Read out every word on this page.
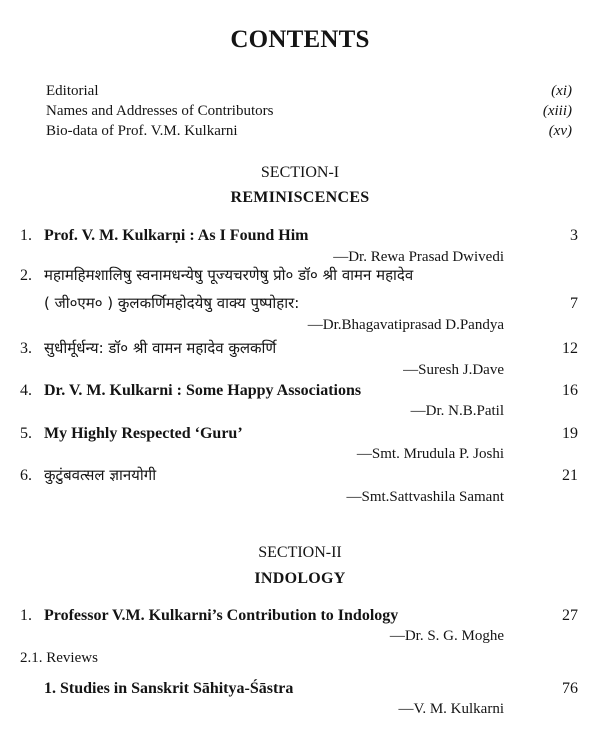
CONTENTS
Editorial	(xi)
Names and Addresses of Contributors	(xiii)
Bio-data of Prof. V.M. Kulkarni	(xv)
SECTION-I
REMINISCENCES
1. Prof. V. M. Kulkarṇi : As I Found Him	3
—Dr. Rewa Prasad Dwivedi
2. महामहिमशालिषु स्वनामधन्येषु पूज्यचरणेषु प्रो० डॉ० श्री वामन महादेव
( जी०एम० ) कुलकर्णिमहोदयेषु वाक्य पुष्पोहार:	7
—Dr.Bhagavatiprasad D.Pandya
3. सुधीर्मूर्धन्य: डॉ० श्री वामन महादेव कुलकर्णि	12
—Suresh J.Dave
4. Dr. V. M. Kulkarni : Some Happy Associations	16
—Dr. N.B.Patil
5. My Highly Respected ‘Guru’	19
—Smt. Mrudula P. Joshi
6. कुटुंबवत्सल ज्ञानयोगी	21
—Smt.Sattvashila Samant
SECTION-II
INDOLOGY
1. Professor V.M. Kulkarni’s Contribution to Indology	27
—Dr. S. G. Moghe
2.1. Reviews
1. Studies in Sanskrit Sāhitya-Śāstra	76
—V. M. Kulkarni
